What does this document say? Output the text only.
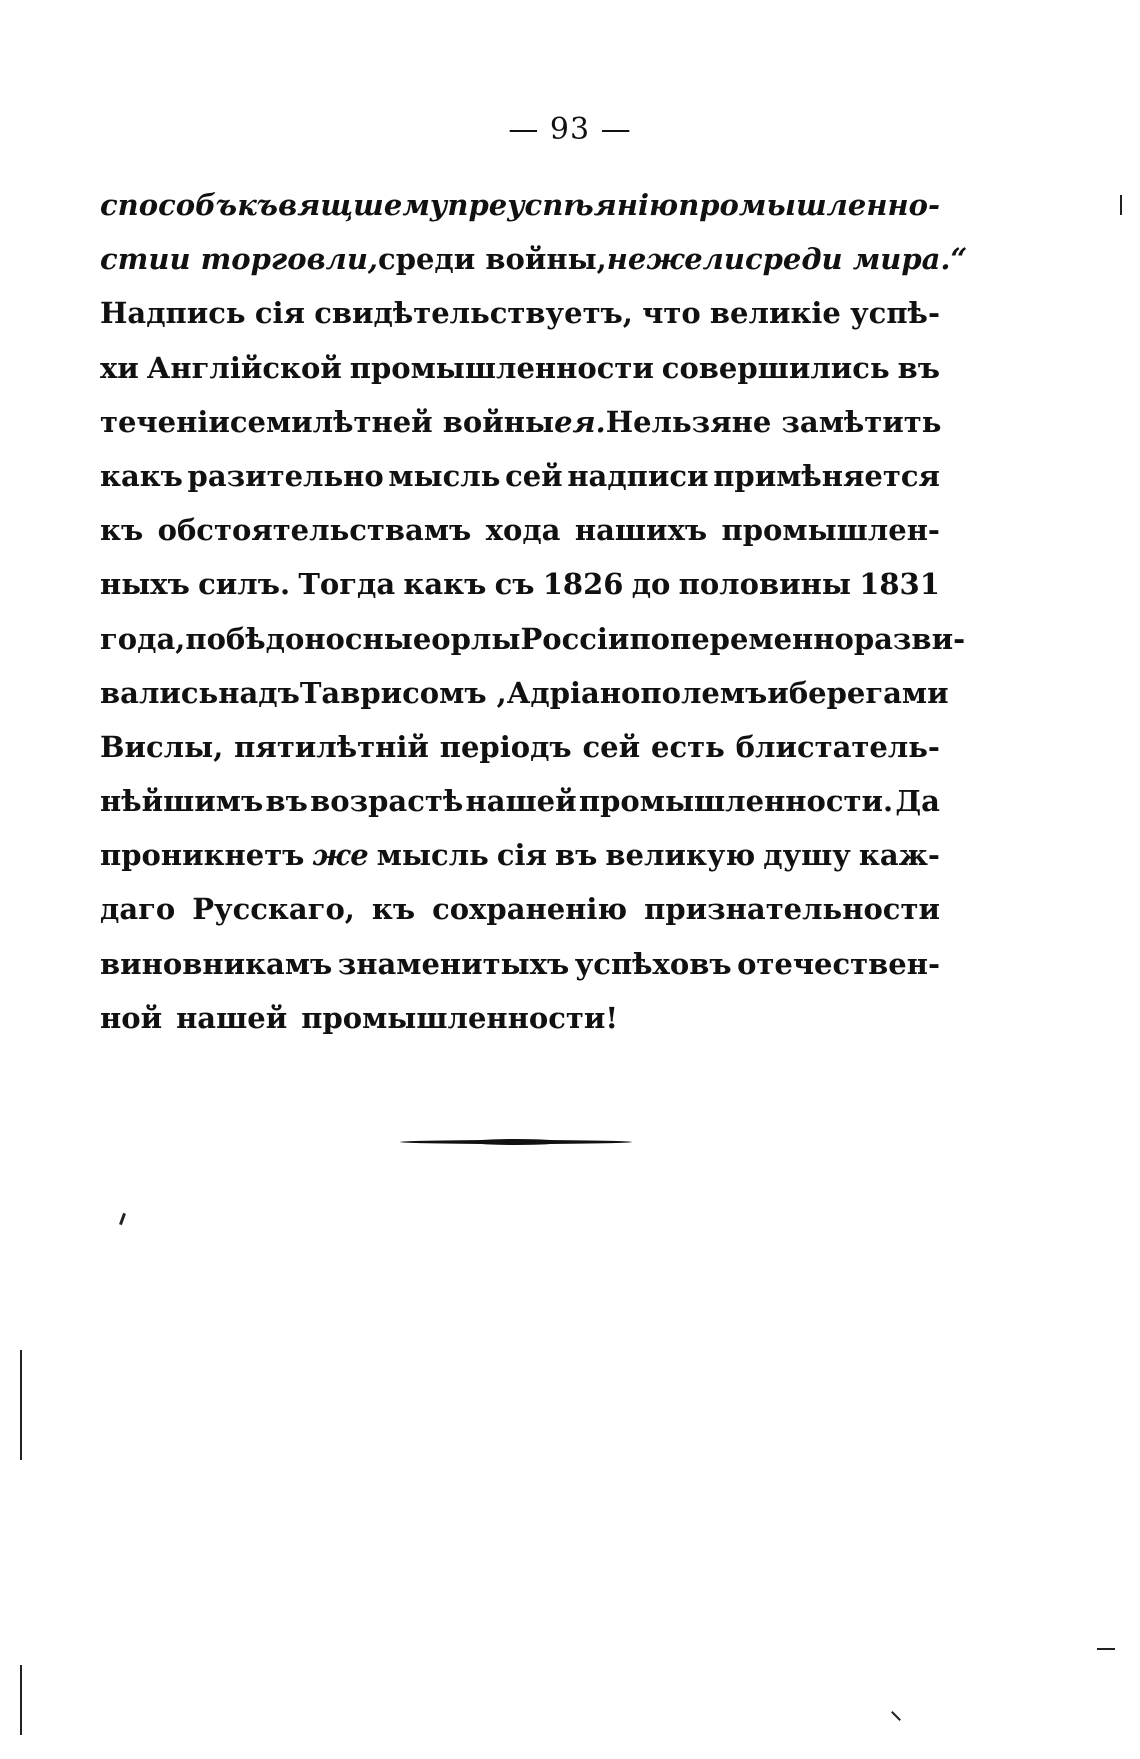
— 93 —
способъ къ вящшему преуспѣянію промышленно-
сти и торговли, среди войны, нежели среди мира.“
Надпись сія свидѣтельствуетъ, что великіе успѣ-
хи Англійской промышленности совершились въ
теченіи семилѣтней войны ея. Нельзя не замѣтить
какъ разительно мысль сей надписи примѣняется
къ обстоятельствамъ хода нашихъ промышлен-
ныхъ силъ. Тогда какъ съ 1826 до половины 1831
года, побѣдоносные орлы Россіи попеременно разви-
вались надъ Таврисомъ , Адріанополемъ и берегами
Вислы, пятилѣтній періодъ сей есть блистатель-
нѣйшимъ въ возрастѣ нашей промышленности. Да
проникнетъ же мысль сія въ великую душу каж-
даго Русскаго, къ сохраненію признательности
виновникамъ знаменитыхъ успѣховъ отечествен-
ной нашей промышленности!
